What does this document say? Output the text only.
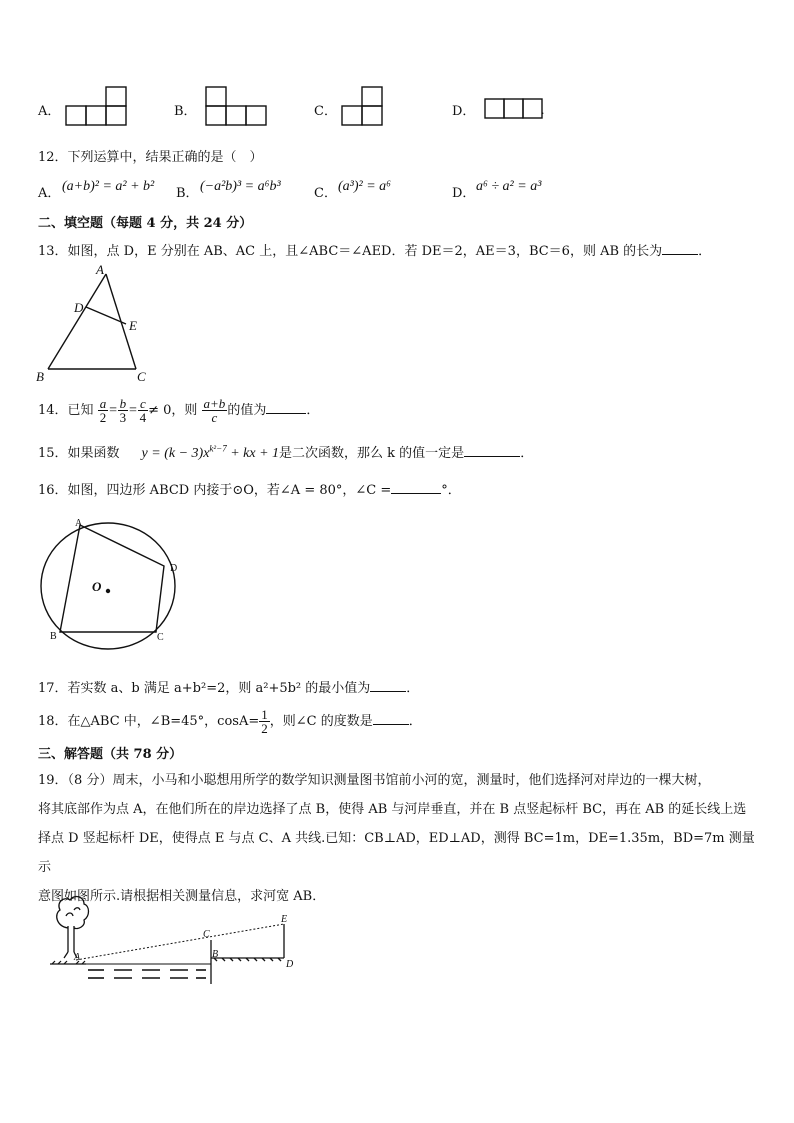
A．	B．	C．	D．	.
12．下列运算中，结果正确的是（　）
A． (a+b)² = a² + b² B． (−a²b)³ = a⁶b³	C． (a³)² = a⁶	D． a⁶ ÷ a² = a³
二、填空题（每题 4 分，共 24 分）
13．如图，点 D，E 分别在 AB、AC 上，且∠ABC＝∠AED．若 DE＝2，AE＝3，BC＝6，则 AB 的长为	．
A
D
E
B	C
14．已知 $\frac{a}{2} = \frac{b}{3} = \frac{c}{4} \ne 0$，则 $\frac{a+b}{c}$ 的值为	．
15．如果函数 $y = (k - 3)x^{k^2-7}$ + kx + 1是二次函数，那么 k 的值一定是	．
16．如图，四边形 ABCD 内接于⊙O，若∠A = 80°，∠C =	°．
A
D
B	C
O
17．若实数 a、b 满足 a+b²=2，则 a²+5b² 的最小值为	．
18．在△ABC 中，∠B=45°，$\cos A= \frac{1}{2}$ ，则∠C 的度数是	．
三、解答题（共 78 分）
19．（8 分）周末，小马和小聪想用所学的数学知识测量图书馆前小河的宽，测量时，他们选择河对岸边的一棵大树，
将其底部作为点 A，在他们所在的岸边选择了点 B，使得 AB 与河岸垂直，并在 B 点竖起标杆 BC，再在 AB 的延长线上选
择点 D 竖起标杆 DE，使得点 E 与点 C、A 共线.已知：CB⊥AD，ED⊥AD，测得 BC=1m，DE=1.35m，BD=7m 测量示
意图如图所示.请根据相关测量信息，求河宽 AB．
A	B
C
D
E
